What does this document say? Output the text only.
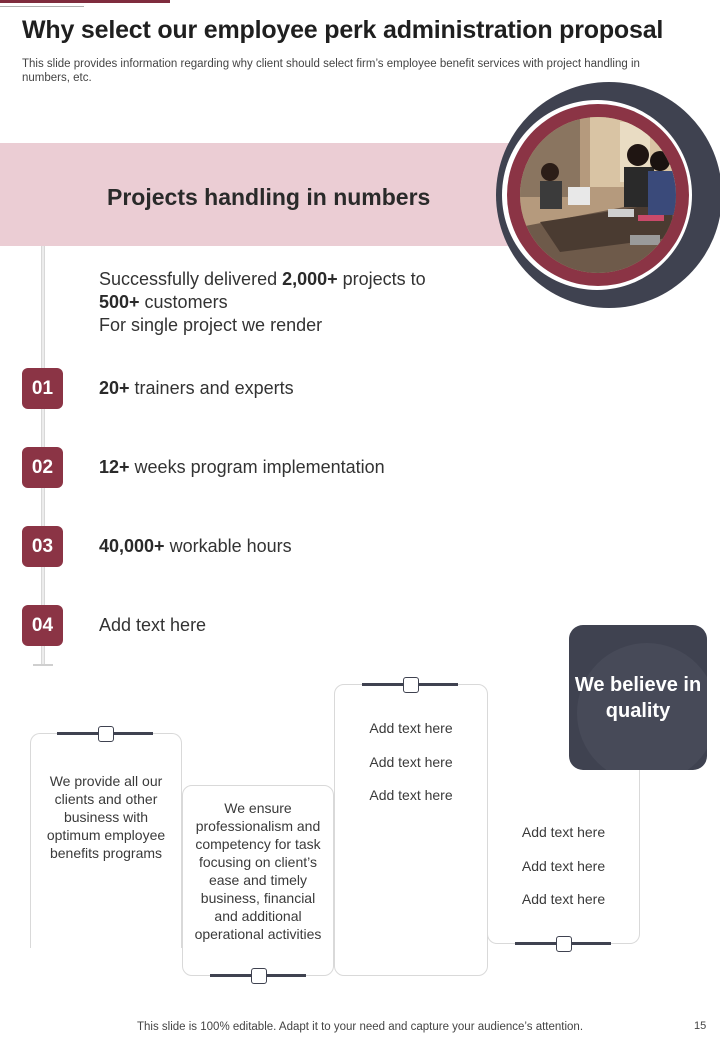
Why select our employee perk administration proposal

This slide provides information regarding why client should select firm’s employee benefit services with project handling in numbers, etc.

Projects handling in numbers
Successfully delivered 2,000+ projects to
500+ customers
For single project we render
01	20+ trainers and experts
02	12+ weeks program implementation
03	40,000+ workable hours
04	Add text here
We believe in quality
We provide all our clients and other business with optimum employee benefits programs
We ensure professionalism and competency for task focusing on client’s ease and timely business, financial and additional operational activities
Add text here
Add text here
Add text here
Add text here
Add text here
Add text here
This slide is 100% editable. Adapt it to your need and capture your audience’s attention.	15
